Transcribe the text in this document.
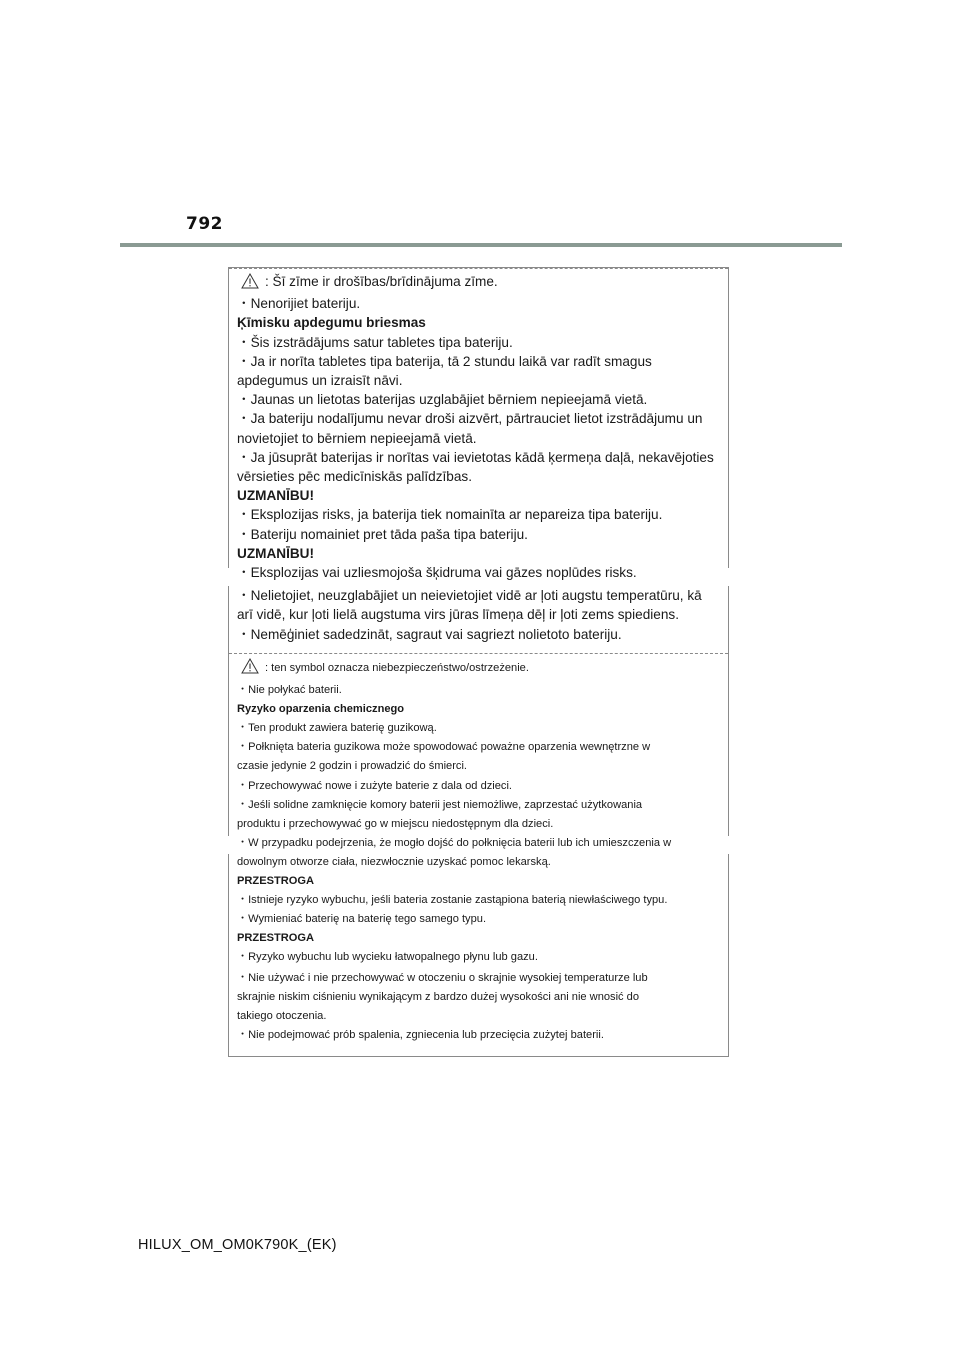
792
: Šī zīme ir drošības/brīdinājuma zīme.
・Nenorijiet bateriju.
Ķīmisku apdegumu briesmas
・Šis izstrādājums satur tabletes tipa bateriju.
・Ja ir norīta tabletes tipa baterija, tā 2 stundu laikā var radīt smagus
apdegumus un izraisīt nāvi.
・Jaunas un lietotas baterijas uzglabājiet bērniem nepieejamā vietā.
・Ja bateriju nodalījumu nevar droši aizvērt, pārtrauciet lietot izstrādājumu un
novietojiet to bērniem nepieejamā vietā.
・Ja jūsuprāt baterijas ir norītas vai ievietotas kādā ķermeņa daļā, nekavējoties
vērsieties pēc medicīniskās palīdzības.
UZMANĪBU!
・Eksplozijas risks, ja baterija tiek nomainīta ar nepareiza tipa bateriju.
・Bateriju nomainiet pret tāda paša tipa bateriju.
UZMANĪBU!
・Eksplozijas vai uzliesmojoša šķidruma vai gāzes noplūdes risks.
・Nelietojiet, neuzglabājiet un neievietojiet vidē ar ļoti augstu temperatūru, kā
arī vidē, kur ļoti lielā augstuma virs jūras līmeņa dēļ ir ļoti zems spiediens.
・Nemēģiniet sadedzināt, sagraut vai sagriezt nolietoto bateriju.
: ten symbol oznacza niebezpieczeństwo/ostrzeżenie.
・Nie połykać baterii.
Ryzyko oparzenia chemicznego
・Ten produkt zawiera baterię guzikową.
・Połknięta bateria guzikowa może spowodować poważne oparzenia wewnętrzne w
czasie jedynie 2 godzin i prowadzić do śmierci.
・Przechowywać nowe i zużyte baterie z dala od dzieci.
・Jeśli solidne zamknięcie komory baterii jest niemożliwe, zaprzestać użytkowania
produktu i przechowywać go w miejscu niedostępnym dla dzieci.
・W przypadku podejrzenia, że mogło dojść do połknięcia baterii lub ich umieszczenia w
dowolnym otworze ciała, niezwłocznie uzyskać pomoc lekarską.
PRZESTROGA
・Istnieje ryzyko wybuchu, jeśli bateria zostanie zastąpiona baterią niewłaściwego typu.
・Wymieniać baterię na baterię tego samego typu.
PRZESTROGA
・Ryzyko wybuchu lub wycieku łatwopalnego płynu lub gazu.
・Nie używać i nie przechowywać w otoczeniu o skrajnie wysokiej temperaturze lub
skrajnie niskim ciśnieniu wynikającym z bardzo dużej wysokości ani nie wnosić do
takiego otoczenia.
・Nie podejmować prób spalenia, zgniecenia lub przecięcia zużytej baterii.
HILUX_OM_OM0K790K_(EK)
